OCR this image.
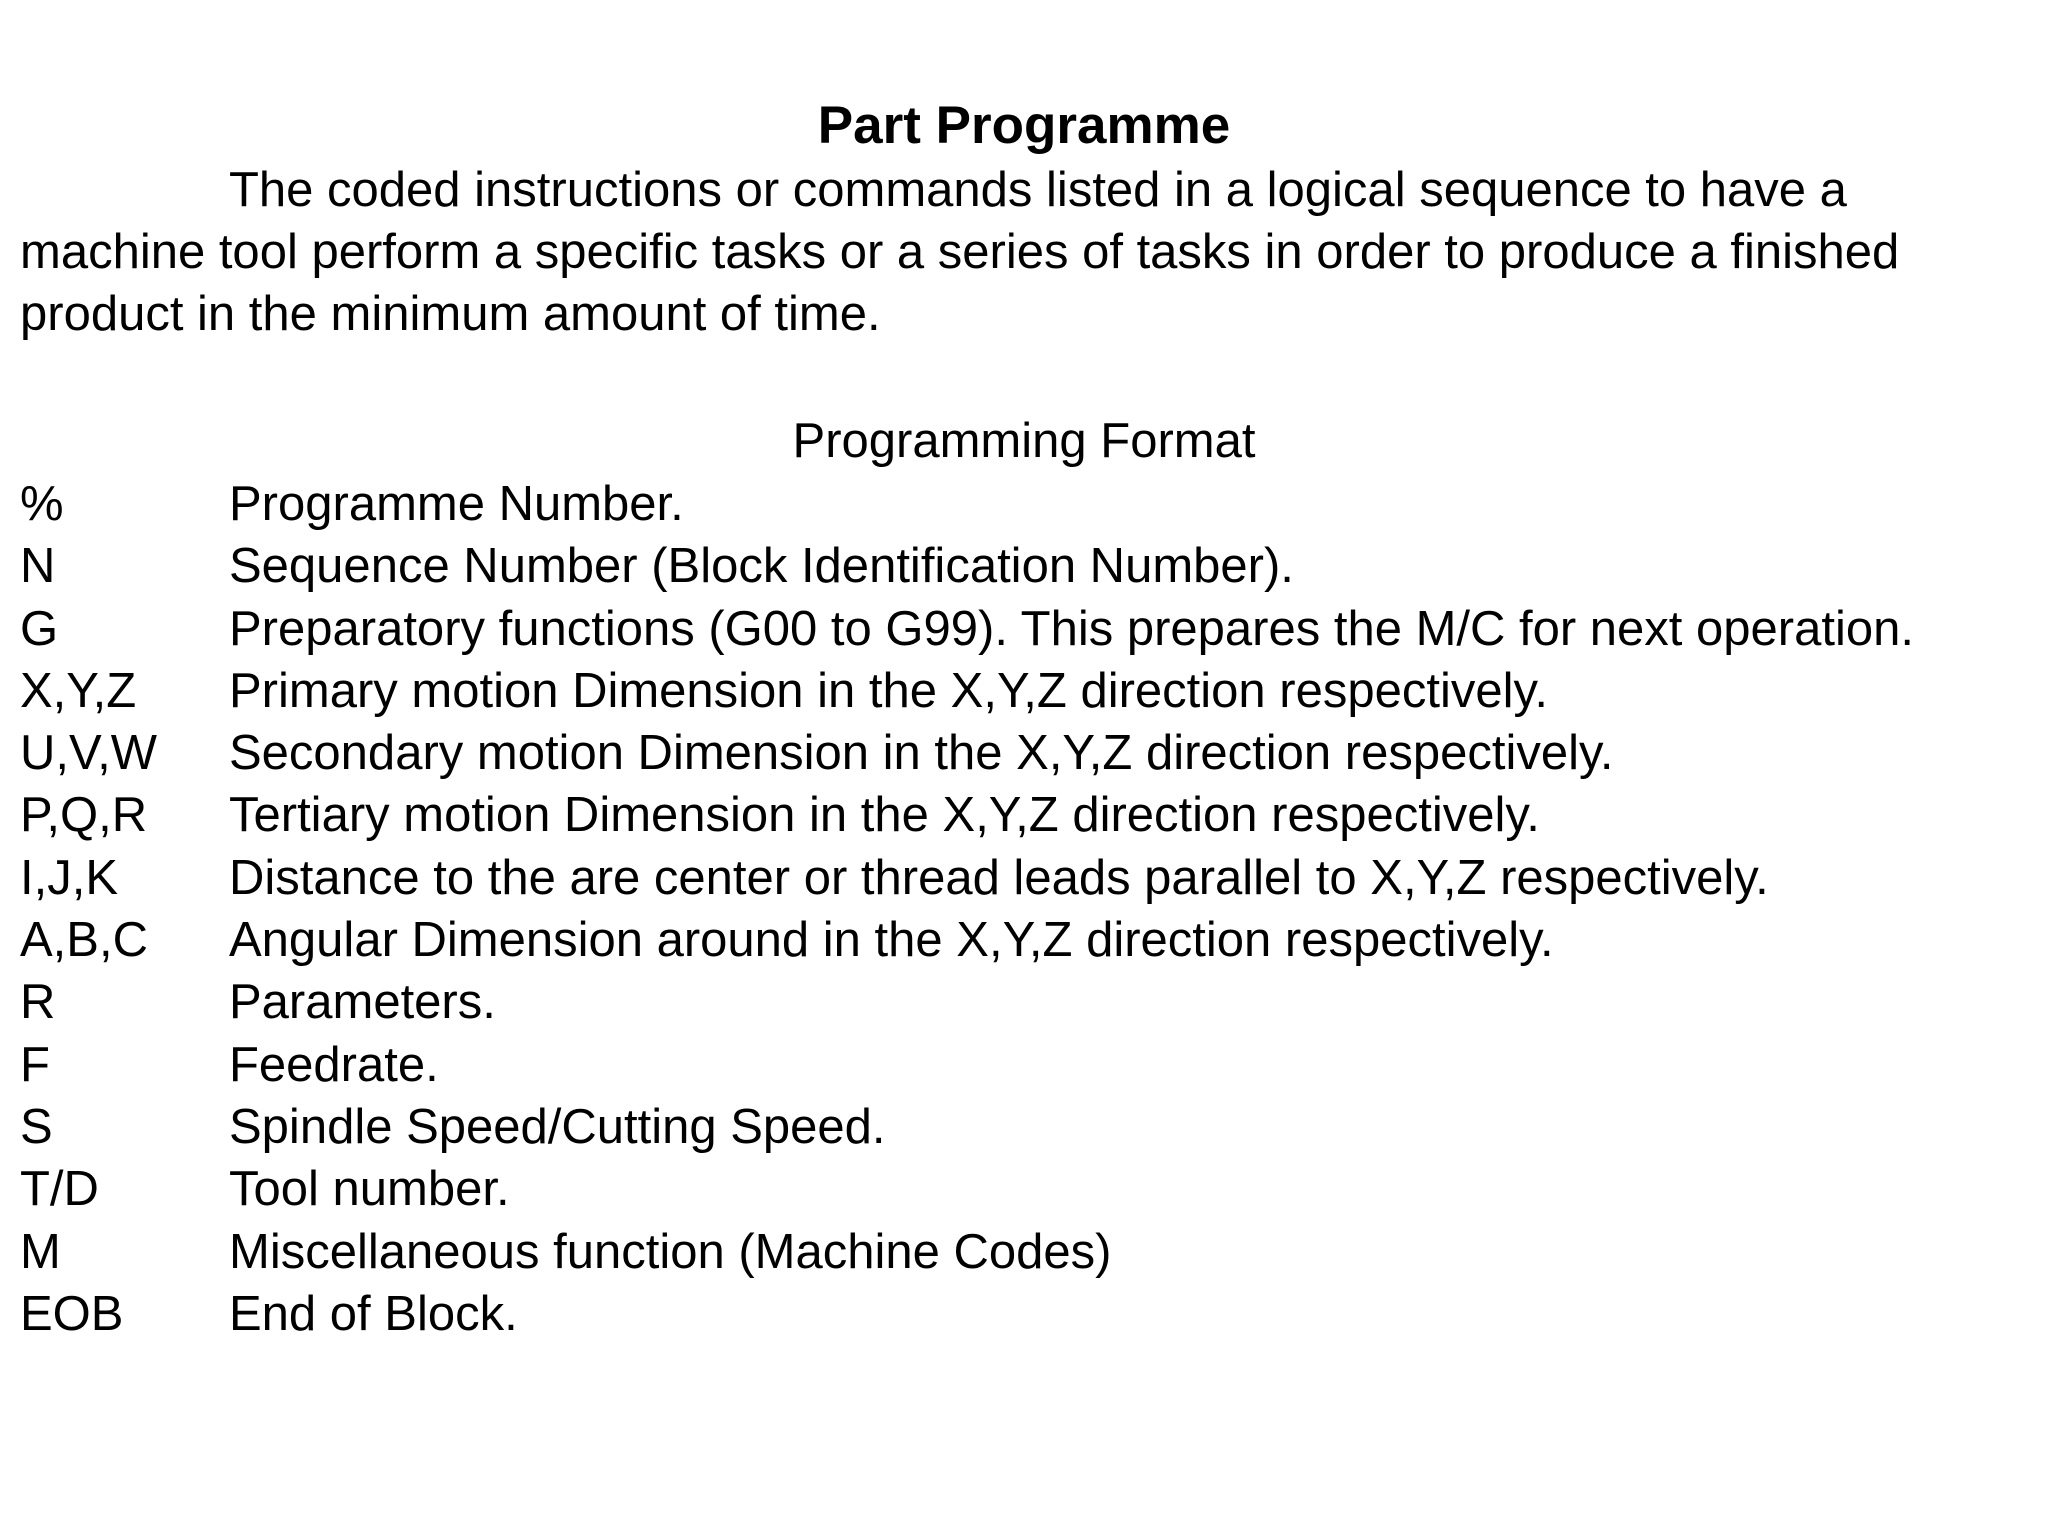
Part Programme
The coded instructions or commands listed in a logical sequence to have a
machine tool perform a specific tasks or a series of tasks in order to produce a finished
product in the minimum amount of time.
Programming Format
%	Programme Number.
N	Sequence Number (Block Identification Number).
G	Preparatory functions (G00 to G99). This prepares the M/C for next operation.
X,Y,Z	Primary motion Dimension in the X,Y,Z direction respectively.
U,V,W	Secondary motion Dimension in the X,Y,Z direction respectively.
P,Q,R	Tertiary motion Dimension in the X,Y,Z direction respectively.
I,J,K	Distance to the are center or thread leads parallel to X,Y,Z respectively.
A,B,C	Angular Dimension around in the X,Y,Z direction respectively.
R	Parameters.
F	Feedrate.
S	Spindle Speed/Cutting Speed.
T/D	Tool number.
M	Miscellaneous function (Machine Codes)
EOB	End of Block.
